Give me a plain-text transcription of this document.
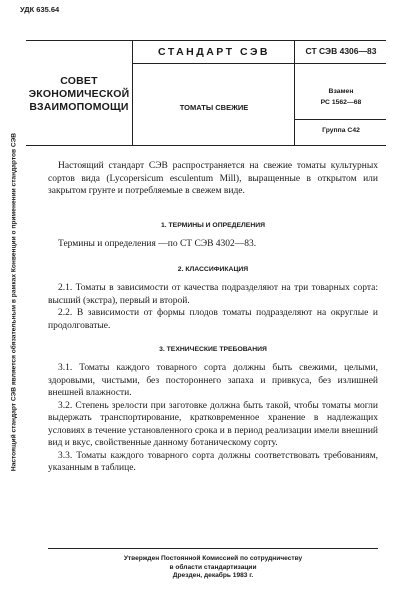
УДК 635.64
Настоящий стандарт СЭВ является обязательным в рамках Конвенции о применении стандартов СЭВ
СОВЕТ
ЭКОНОМИЧЕСКОЙ
ВЗАИМОПОМОЩИ
СТАНДАРТ СЭВ
ТОМАТЫ СВЕЖИЕ
СТ СЭВ 4306—83
Взамен
РС 1562—68
Группа С42

Настоящий стандарт СЭВ распространяется на свежие томаты культурных сортов вида (Lycopersicum esculentum Mill), выращенные в открытом или закрытом грунте и потребляемые в свежем виде.

1. ТЕРМИНЫ И ОПРЕДЕЛЕНИЯ

Термины и определения —по СТ СЭВ 4302—83.

2. КЛАССИФИКАЦИЯ

2.1. Томаты в зависимости от качества подразделяют на три товарных сорта: высший (экстра), первый и второй.

2.2. В зависимости от формы плодов томаты подразделяют на округлые и продолговатые.

3. ТЕХНИЧЕСКИЕ ТРЕБОВАНИЯ

3.1. Томаты каждого товарного сорта должны быть свежими, целыми, здоровыми, чистыми, без постороннего запаха и привкуса, без излишней внешней влажности.

3.2. Степень зрелости при заготовке должна быть такой, чтобы томаты могли выдержать транспортирование, кратковременное хранение в надлежащих условиях в течение установленного срока и в период реализации имели внешний вид и вкус, свойственные данному ботаническому сорту.

3.3. Томаты каждого товарного сорта должны соответствовать требованиям, указанным в таблице.

Утвержден Постоянной Комиссией по сотрудничеству
в области стандартизации
Дрезден, декабрь 1983 г.
